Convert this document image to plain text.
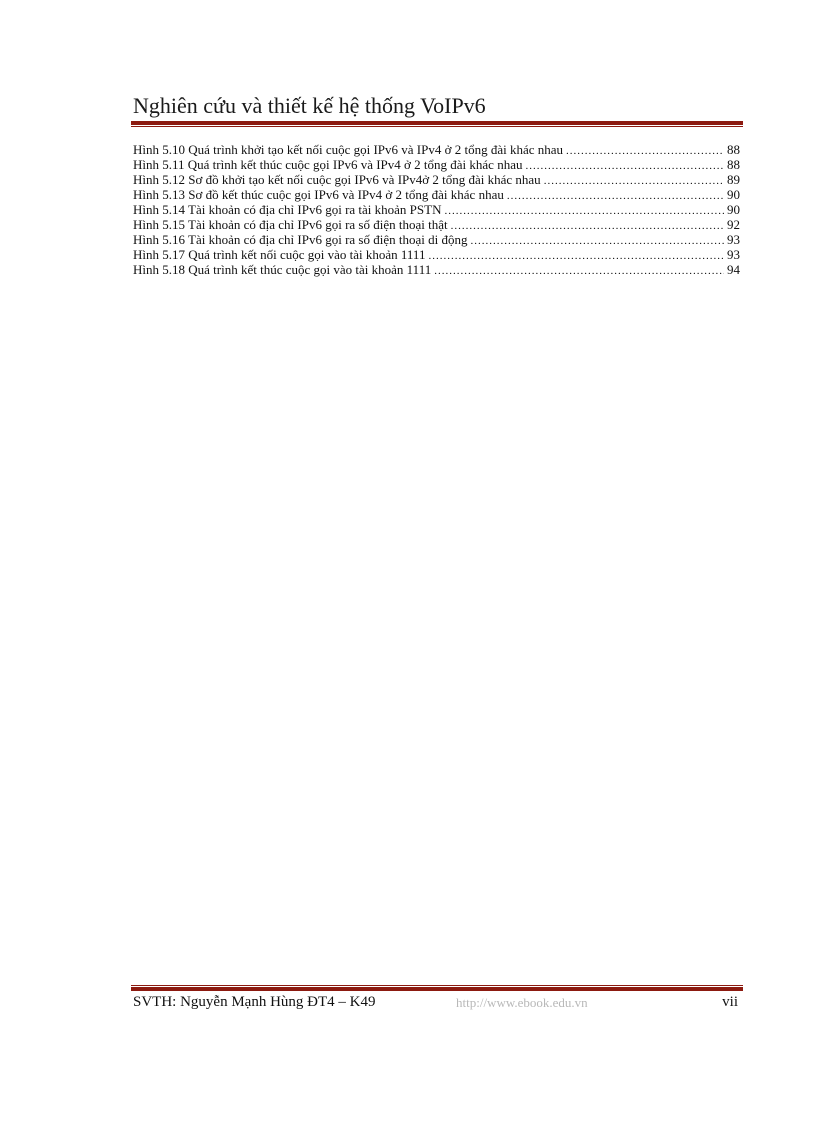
Nghiên cứu và thiết kế hệ thống VoIPv6
Hình 5.10 Quá trình khởi tạo kết nối cuộc gọi IPv6 và IPv4 ở 2 tổng đài khác nhau .....	88
Hình 5.11 Quá trình kết thúc cuộc gọi IPv6 và IPv4 ở 2 tổng đài khác nhau .....	88
Hình 5.12 Sơ đồ khởi tạo kết nối cuộc gọi IPv6 và IPv4ở 2 tổng đài khác nhau .....	89
Hình 5.13 Sơ đồ kết thúc cuộc gọi IPv6 và IPv4 ở 2 tổng đài khác nhau .....	90
Hình 5.14 Tài khoản có địa chỉ IPv6 gọi ra tài khoản PSTN .....	90
Hình 5.15 Tài khoản có địa chỉ IPv6 gọi ra số điện thoại thật .....	92
Hình 5.16 Tài khoản có địa chỉ IPv6 gọi ra số điện thoại di động .....	93
Hình 5.17 Quá trình kết nối cuộc gọi vào tài khoản 1111 .....	93
Hình 5.18 Quá trình kết thúc cuộc gọi vào tài khoản 1111 .....	94
SVTH: Nguyễn Mạnh Hùng ĐT4 – K49	http://www.ebook.edu.vn	vii
